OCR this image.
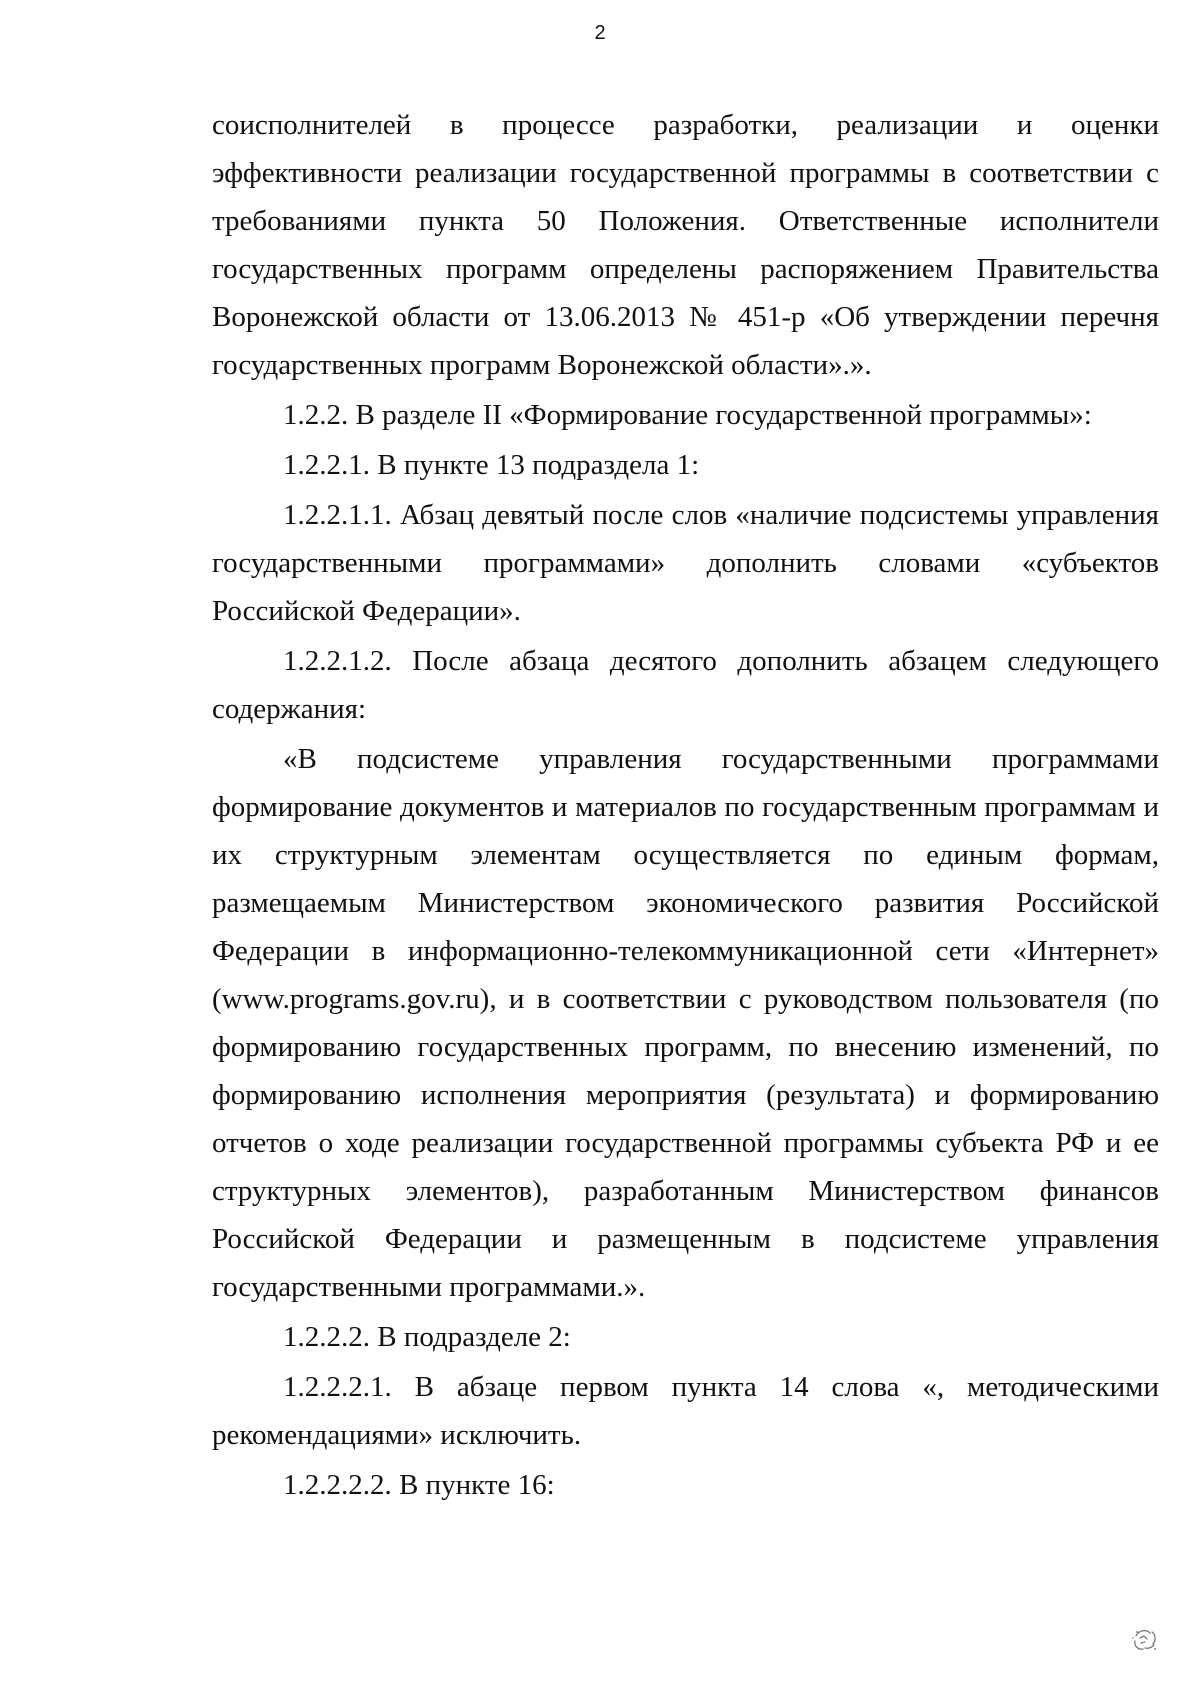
2

соисполнителей в процессе разработки, реализации и оценки эффективности реализации государственной программы в соответствии с требованиями пункта 50 Положения. Ответственные исполнители государственных программ определены распоряжением Правительства Воронежской области от 13.06.2013 № 451-р «Об утверждении перечня государственных программ Воронежской области».».

1.2.2. В разделе II «Формирование государственной программы»:

1.2.2.1. В пункте 13 подраздела 1:

1.2.2.1.1. Абзац девятый после слов «наличие подсистемы управления государственными программами» дополнить словами «субъектов Российской Федерации».

1.2.2.1.2. После абзаца десятого дополнить абзацем следующего содержания:

«В подсистеме управления государственными программами формирование документов и материалов по государственным программам и их структурным элементам осуществляется по единым формам, размещаемым Министерством экономического развития Российской Федерации в информационно-телекоммуникационной сети «Интернет» (www.programs.gov.ru), и в соответствии с руководством пользователя (по формированию государственных программ, по внесению изменений, по формированию исполнения мероприятия (результата) и формированию отчетов о ходе реализации государственной программы субъекта РФ и ее структурных элементов), разработанным Министерством финансов Российской Федерации и размещенным в подсистеме управления государственными программами.».

1.2.2.2. В подразделе 2:

1.2.2.2.1. В абзаце первом пункта 14 слова «, методическими рекомендациями» исключить.

1.2.2.2.2. В пункте 16:
